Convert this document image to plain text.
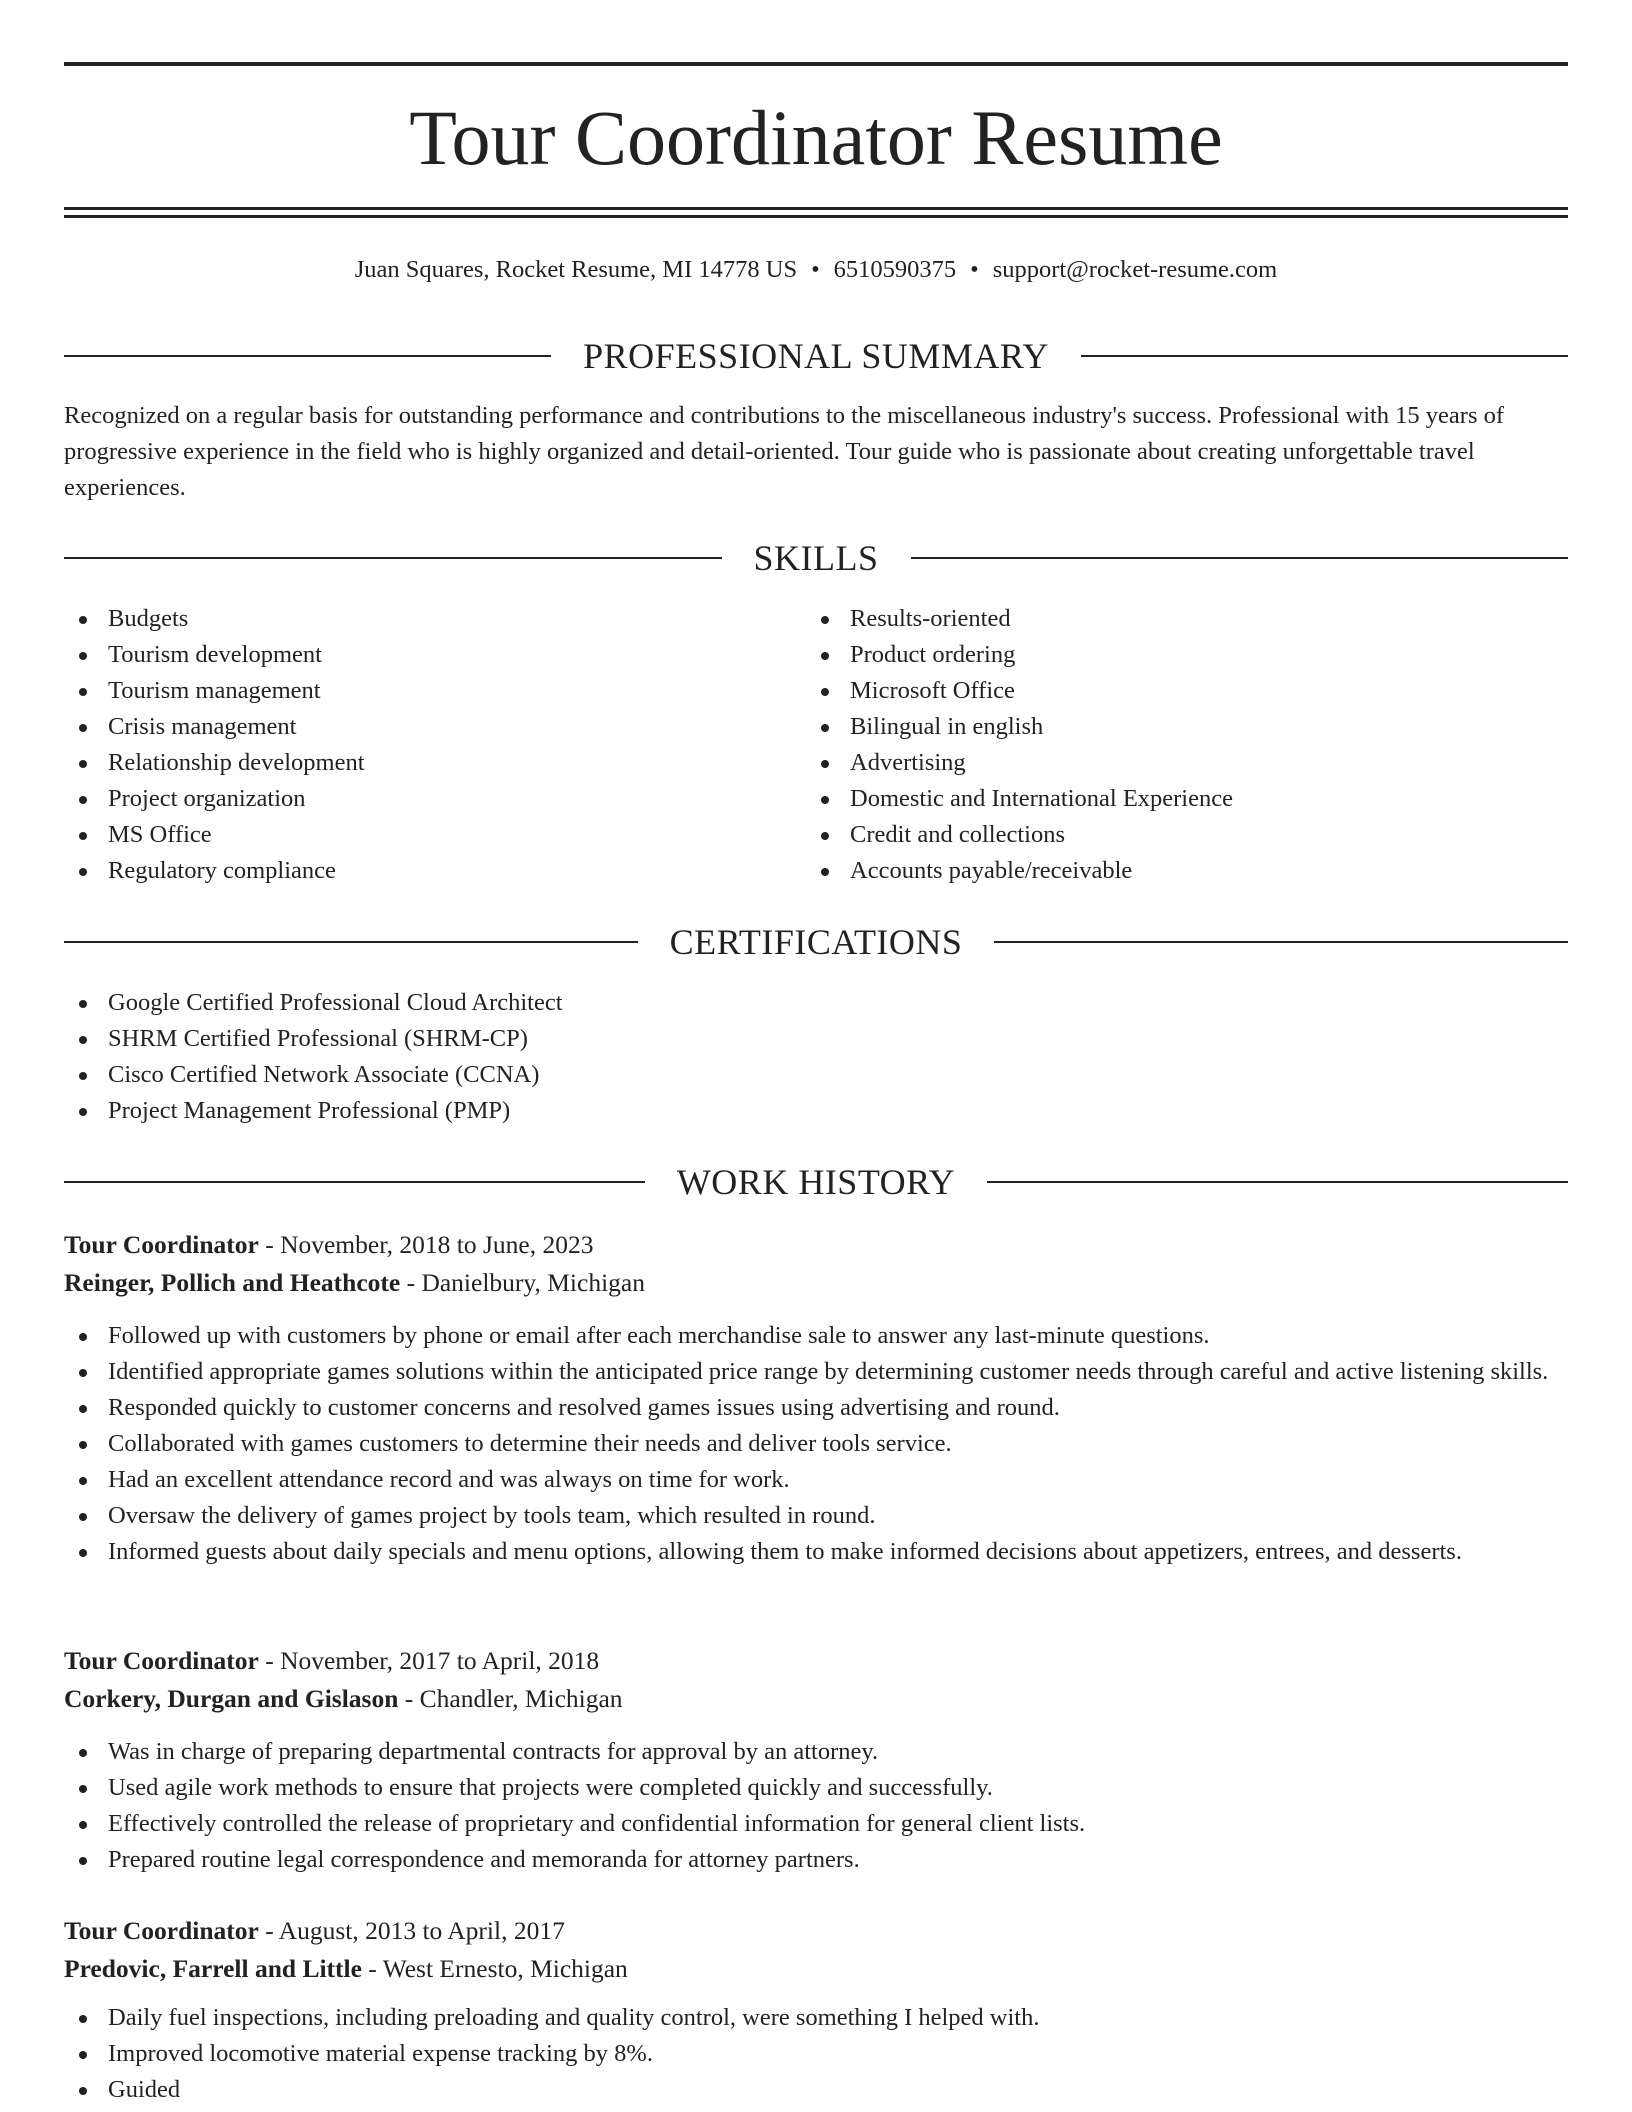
Tour Coordinator Resume
Juan Squares, Rocket Resume, MI 14778 US • 6510590375 • support@rocket-resume.com
PROFESSIONAL SUMMARY

Recognized on a regular basis for outstanding performance and contributions to the miscellaneous industry's success. Professional with 15 years of progressive experience in the field who is highly organized and detail-oriented. Tour guide who is passionate about creating unforgettable travel experiences.

SKILLS
Budgets
Tourism development
Tourism management
Crisis management
Relationship development
Project organization
MS Office
Regulatory compliance
Results-oriented
Product ordering
Microsoft Office
Bilingual in english
Advertising
Domestic and International Experience
Credit and collections
Accounts payable/receivable
CERTIFICATIONS
Google Certified Professional Cloud Architect
SHRM Certified Professional (SHRM-CP)
Cisco Certified Network Associate (CCNA)
Project Management Professional (PMP)
WORK HISTORY
Tour Coordinator - November, 2018 to June, 2023
Reinger, Pollich and Heathcote - Danielbury, Michigan
Followed up with customers by phone or email after each merchandise sale to answer any last-minute questions.
Identified appropriate games solutions within the anticipated price range by determining customer needs through careful and active listening skills.
Responded quickly to customer concerns and resolved games issues using advertising and round.
Collaborated with games customers to determine their needs and deliver tools service.
Had an excellent attendance record and was always on time for work.
Oversaw the delivery of games project by tools team, which resulted in round.
Informed guests about daily specials and menu options, allowing them to make informed decisions about appetizers, entrees, and desserts.
Tour Coordinator - November, 2017 to April, 2018
Corkery, Durgan and Gislason - Chandler, Michigan
Was in charge of preparing departmental contracts for approval by an attorney.
Used agile work methods to ensure that projects were completed quickly and successfully.
Effectively controlled the release of proprietary and confidential information for general client lists.
Prepared routine legal correspondence and memoranda for attorney partners.
Tour Coordinator - August, 2013 to April, 2017
Predovic, Farrell and Little - West Ernesto, Michigan
Daily fuel inspections, including preloading and quality control, were something I helped with.
Improved locomotive material expense tracking by 8%.
Guided
